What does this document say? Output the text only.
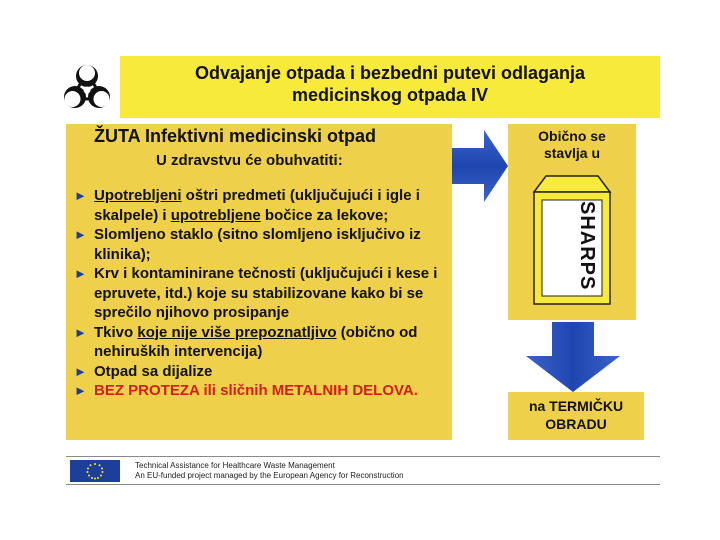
Odvajanje otpada i bezbedni putevi odlaganja
medicinskog otpada IV
ŽUTA Infektivni medicinski otpad
U zdravstvu će obuhvatiti:
► Upotrebljeni oštri predmeti (uključujući i igle i skalpele) i upotrebljene bočice za lekove;
► Slomljeno staklo (sitno slomljeno isključivo iz klinika);
► Krv i kontaminirane tečnosti (uključujući i kese i epruvete, itd.) koje su stabilizovane kako bi se sprečilo njihovo prosipanje
► Tkivo koje nije više prepoznatljivo (obično od nehiruških intervencija)
► Otpad sa dijalize
► BEZ PROTEZA ili sličnih METALNIH DELOVA.
Obično se
stavlja u
SHARPS
na TERMIČKU
OBRADU
Technical Assistance for Healthcare Waste Management
An EU-funded project managed by the European Agency for Reconstruction
